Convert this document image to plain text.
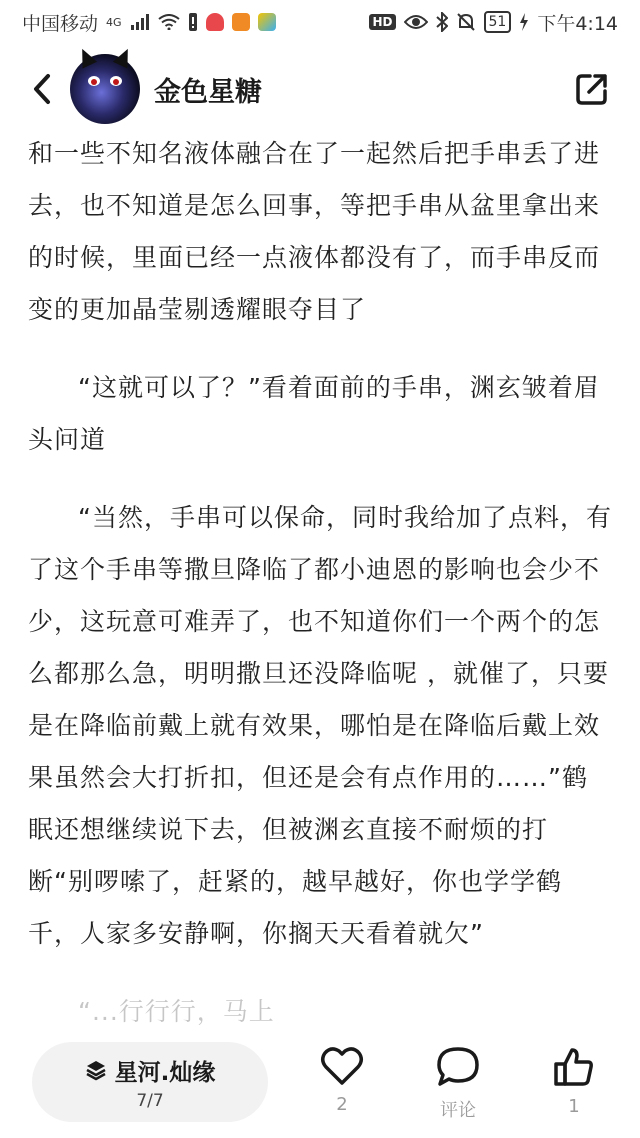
中国移动 4G	HD	51 下午4:14
金色星糖

和一些不知名液体融合在了一起然后把手串丢了进去，也不知道是怎么回事，等把手串从盆里拿出来的时候，里面已经一点液体都没有了，而手串反而变的更加晶莹剔透耀眼夺目了

“这就可以了？”看着面前的手串，渊玄皱着眉头问道

“当然，手串可以保命，同时我给加了点料，有了这个手串等撒旦降临了都小迪恩的影响也会少不少，这玩意可难弄了，也不知道你们一个两个的怎么都那么急，明明撒旦还没降临呢 ，就催了，只要是在降临前戴上就有效果，哪怕是在降临后戴上效果虽然会大打折扣，但还是会有点作用的……”鹤眠还想继续说下去，但被渊玄直接不耐烦的打断“别啰嗦了，赶紧的，越早越好，你也学学鹤千，人家多安静啊，你搁天天看着就欠”

“...行行行，马上

星河.灿缘
7/7	2	评论	1
